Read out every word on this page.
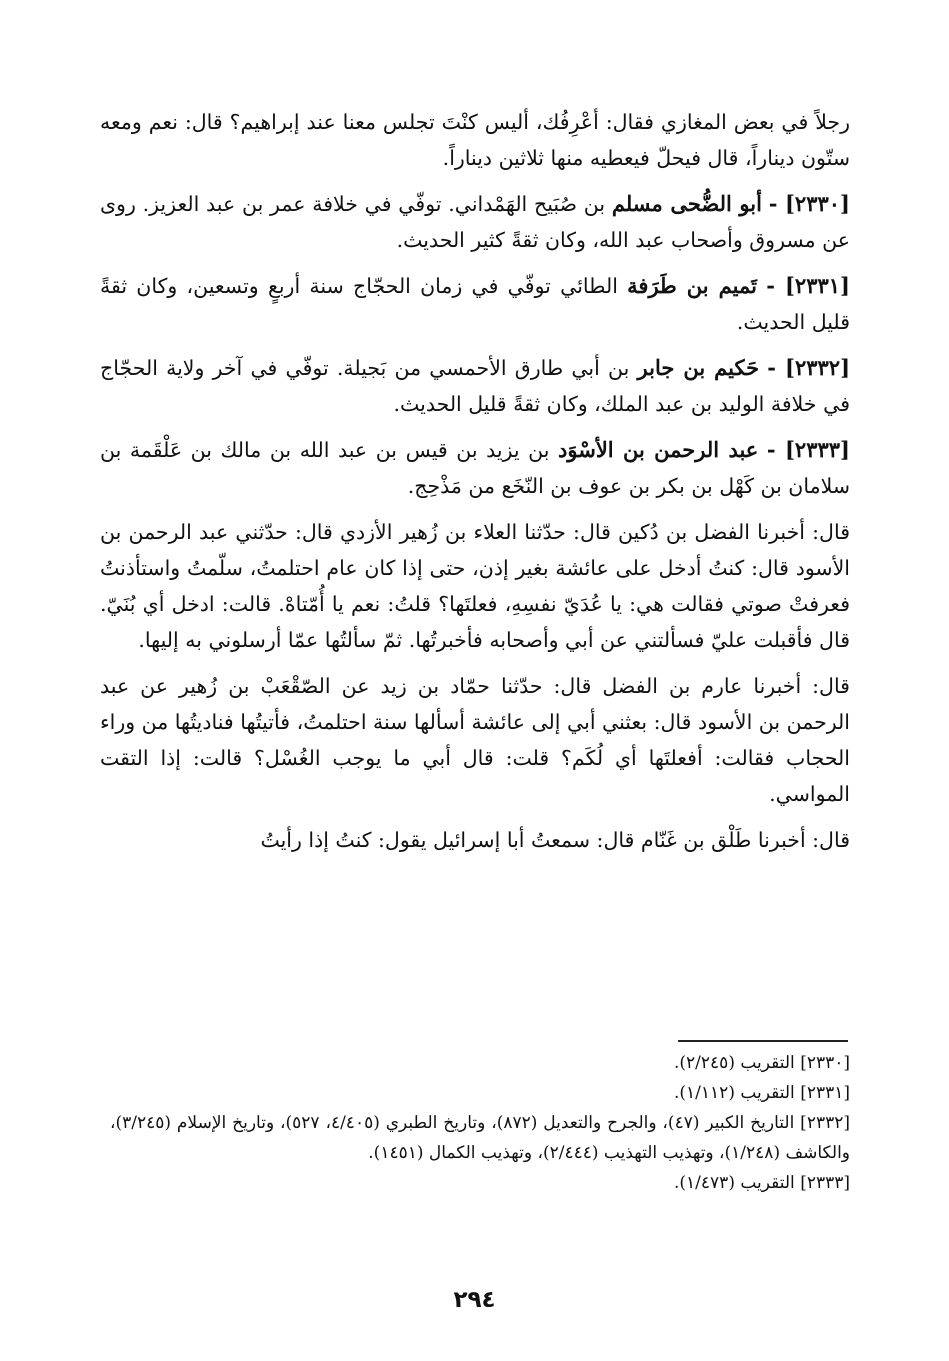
رجلاً في بعض المغازي فقال: أعْرِفُك، أليس كنْتَ تجلس معنا عند إبراهيم؟ قال: نعم ومعه ستّون ديناراً، قال فيحلّ فيعطيه منها ثلاثين ديناراً.

[٢٣٣٠] - أبو الضُّحى مسلم بن صُبَيح الهَمْداني. توفّي في خلافة عمر بن عبد العزيز. روى عن مسروق وأصحاب عبد الله، وكان ثقةً كثير الحديث.

[٢٣٣١] - تَميم بن طَرَفة الطائي توفّي في زمان الحجّاج سنة أربعٍ وتسعين، وكان ثقةً قليل الحديث.

[٢٣٣٢] - حَكيم بن جابر بن أبي طارق الأحمسي من بَجيلة. توفّي في آخر ولاية الحجّاج في خلافة الوليد بن عبد الملك، وكان ثقةً قليل الحديث.

[٢٣٣٣] - عبد الرحمن بن الأسْوَد بن يزيد بن قيس بن عبد الله بن مالك بن عَلْقَمة بن سلامان بن كَهْل بن بكر بن عوف بن النّخَع من مَذْحِج.

قال: أخبرنا الفضل بن دُكين قال: حدّثنا العلاء بن زُهير الأزدي قال: حدّثني عبد الرحمن بن الأسود قال: كنتُ أدخل على عائشة بغير إذن، حتى إذا كان عام احتلمتُ، سلّمتُ واستأذنتُ فعرفتْ صوتي فقالت هي: يا عُدَيّ نفسِهِ، فعلتَها؟ قلتُ: نعم يا أُمّتاهْ. قالت: ادخل أي بُنَيّ. قال فأقبلت عليّ فسألتني عن أبي وأصحابه فأخبرتُها. ثمّ سألتُها عمّا أرسلوني به إليها.

قال: أخبرنا عارم بن الفضل قال: حدّثنا حمّاد بن زيد عن الصّقْعَبْ بن زُهير عن عبد الرحمن بن الأسود قال: بعثني أبي إلى عائشة أسألها سنة احتلمتُ، فأتيتُها فناديتُها من وراء الحجاب فقالت: أفعلتَها أي لُكَم؟ قلت: قال أبي ما يوجب الغُسْل؟ قالت: إذا التقت المواسي.

قال: أخبرنا طَلْق بن غَنّام قال: سمعتُ أبا إسرائيل يقول: كنتُ إذا رأيتُ

[٢٣٣٠] التقريب (٢/٢٤٥).

[٢٣٣١] التقريب (١/١١٢).

[٢٣٣٢] التاريخ الكبير (٤٧)، والجرح والتعديل (٨٧٢)، وتاريخ الطبري (٤/٤٠٥، ٥٢٧)، وتاريخ الإسلام (٣/٢٤٥)، والكاشف (١/٢٤٨)، وتهذيب التهذيب (٢/٤٤٤)، وتهذيب الكمال (١٤٥١).

[٢٣٣٣] التقريب (١/٤٧٣).

٢٩٤
